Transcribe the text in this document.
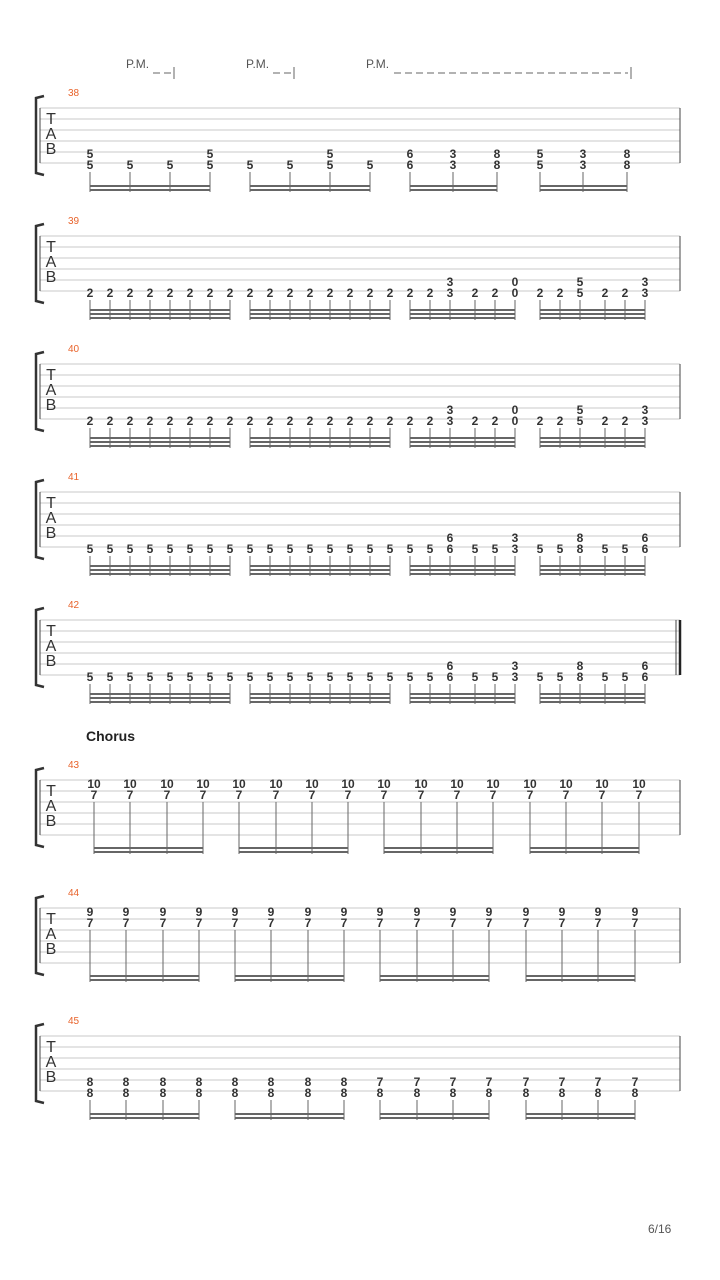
P.M.	P.M.	P.M.
Chorus
T
A
B
38
5
5	5	5
5
5	5	5
5
5	5
6
6
3
3
8
8
5
5
3
3
8
8
T
A
B
39
2 2 2 2 2 2 2 2 2 2 2 2 2 2 2 2 2 2
3
3 2 2
0
0 2 2
5
5 2 2
3
3
T
A
B
40
2 2 2 2 2 2 2 2 2 2 2 2 2 2 2 2 2 2
3
3 2 2
0
0 2 2
5
5 2 2
3
3
T
A
B
41
5 5 5 5 5 5 5 5 5 5 5 5 5 5 5 5 5 5
6
6 5 5
3
3 5 5
8
8 5 5
6
6
T
A
B
42
5 5 5 5 5 5 5 5 5 5 5 5 5 5 5 5 5 5
6
6 5 5
3
3 5 5
8
8 5 5
6
6
T
A
B
43
10
7
10
7
10
7
10
7
10
7
10
7
10
7
10
7
10
7
10
7
10
7
10
7
10
7
10
7
10
7
10
7
T
A
B
44
9
7
9
7
9
7
9
7
9
7
9
7
9
7
9
7
9
7
9
7
9
7
9
7
9
7
9
7
9
7
9
7
T
A
B
45
8
8
8
8
8
8
8
8
8
8
8
8
8
8
8
8
7
8
7
8
7
8
7
8
7
8
7
8
7
8
7
8
6/16
